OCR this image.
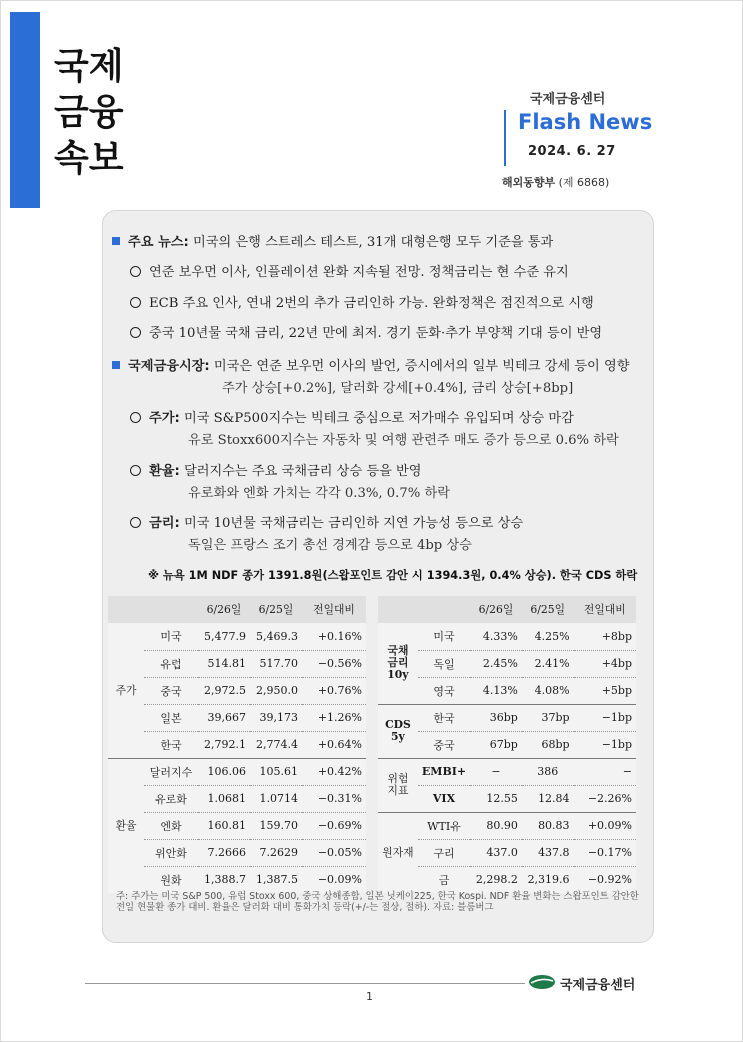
국제
금융
속보
국제금융센터
Flash News
2024. 6. 27
해외동향부 (제 6868)
주요 뉴스: 미국의 은행 스트레스 테스트, 31개 대형은행 모두 기준을 통과
연준 보우먼 이사, 인플레이션 완화 지속될 전망. 정책금리는 현 수준 유지
ECB 주요 인사, 연내 2번의 추가 금리인하 가능. 완화정책은 점진적으로 시행
중국 10년물 국채 금리, 22년 만에 최저. 경기 둔화·추가 부양책 기대 등이 반영
국제금융시장: 미국은 연준 보우먼 이사의 발언, 증시에서의 일부 빅테크 강세 등이 영향
주가 상승[+0.2%], 달러화 강세[+0.4%], 금리 상승[+8bp]
주가: 미국 S&P500지수는 빅테크 중심으로 저가매수 유입되며 상승 마감
유로 Stoxx600지수는 자동차 및 여행 관련주 매도 증가 등으로 0.6% 하락
환율: 달러지수는 주요 국채금리 상승 등을 반영
유로화와 엔화 가치는 각각 0.3%, 0.7% 하락
금리: 미국 10년물 국채금리는 금리인하 지연 가능성 등으로 상승
독일은 프랑스 조기 총선 경계감 등으로 4bp 상승
※ 뉴욕 1M NDF 종가 1391.8원(스왑포인트 감안 시 1394.3원, 0.4% 상승). 한국 CDS 하락
		6/26일	6/25일	전일대비
주가	미국	5,477.9	5,469.3	+0.16%
	유럽	514.81	517.70	−0.56%
	중국	2,972.5	2,950.0	+0.76%
	일본	39,667	39,173	+1.26%
	한국	2,792.1	2,774.4	+0.64%
환율	달러지수	106.06	105.61	+0.42%
	유로화	1.0681	1.0714	−0.31%
	엔화	160.81	159.70	−0.69%
	위안화	7.2666	7.2629	−0.05%
	원화	1,388.7	1,387.5	−0.09%
		6/26일	6/25일	전일대비
국채 금리 10y	미국	4.33%	4.25%	+8bp
	독일	2.45%	2.41%	+4bp
	영국	4.13%	4.08%	+5bp
CDS 5y	한국	36bp	37bp	−1bp
	중국	67bp	68bp	−1bp
위험 지표	EMBI+	−	386	−
	VIX	12.55	12.84	−2.26%
원자재	WTI유	80.90	80.83	+0.09%
	구리	437.0	437.8	−0.17%
	금	2,298.2	2,319.6	−0.92%
주: 주가는 미국 S&P 500, 유럽 Stoxx 600, 중국 상해종합, 일본 닛케이225, 한국 Kospi. NDF 환율 변화는 스왑포인트 감안한 전일 현물환 종가 대비. 환율은 달러화 대비 통화가치 등락(+/-는 절상, 절하). 자료: 블룸버그
1
국제금융센터
